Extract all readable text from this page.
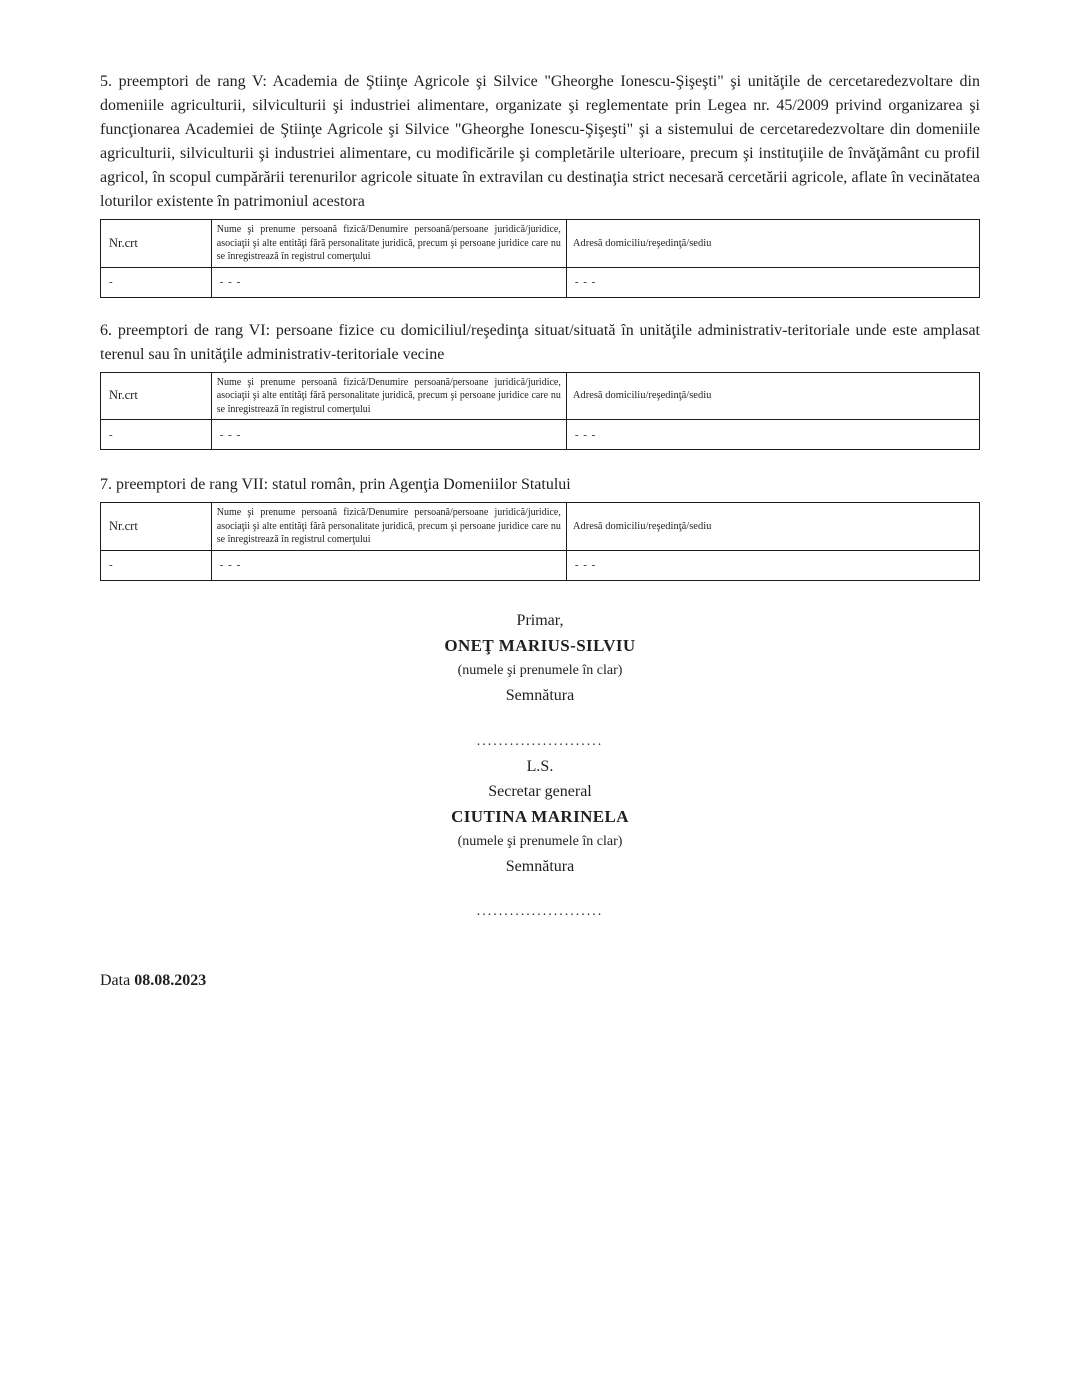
5. preemptori de rang V: Academia de Ştiinţe Agricole şi Silvice "Gheorghe Ionescu-Şişeşti" şi unităţile de cercetaredezvoltare din domeniile agriculturii, silviculturii şi industriei alimentare, organizate şi reglementate prin Legea nr. 45/2009 privind organizarea şi funcţionarea Academiei de Ştiinţe Agricole şi Silvice "Gheorghe Ionescu-Şişeşti" şi a sistemului de cercetaredezvoltare din domeniile agriculturii, silviculturii şi industriei alimentare, cu modificările şi completările ulterioare, precum şi instituţiile de învăţământ cu profil agricol, în scopul cumpărării terenurilor agricole situate în extravilan cu destinaţia strict necesară cercetării agricole, aflate în vecinătatea loturilor existente în patrimoniul acestora

Nr.crt	Nume şi prenume persoană fizică/Denumire persoană/persoane juridică/juridice, asociaţii şi alte entităţi fără personalitate juridică, precum şi persoane juridice care nu se înregistrează în registrul comerţului	Adresă domiciliu/reşedinţă/sediu
-	- - -	- - -

6. preemptori de rang VI: persoane fizice cu domiciliul/reşedinţa situat/situată în unităţile administrativ-teritoriale unde este amplasat terenul sau în unităţile administrativ-teritoriale vecine

Nr.crt	Nume şi prenume persoană fizică/Denumire persoană/persoane juridică/juridice, asociaţii şi alte entităţi fără personalitate juridică, precum şi persoane juridice care nu se înregistrează în registrul comerţului	Adresă domiciliu/reşedinţă/sediu
-	- - -	- - -

7. preemptori de rang VII: statul român, prin Agenţia Domeniilor Statului

Nr.crt	Nume şi prenume persoană fizică/Denumire persoană/persoane juridică/juridice, asociaţii şi alte entităţi fără personalitate juridică, precum şi persoane juridice care nu se înregistrează în registrul comerţului	Adresă domiciliu/reşedinţă/sediu
-	- - -	- - -

Primar,

ONEŢ MARIUS-SILVIU

(numele şi prenumele în clar)

Semnătura

.......................

L.S.

Secretar general

CIUTINA MARINELA

(numele şi prenumele în clar)

Semnătura

.......................

Data 08.08.2023
